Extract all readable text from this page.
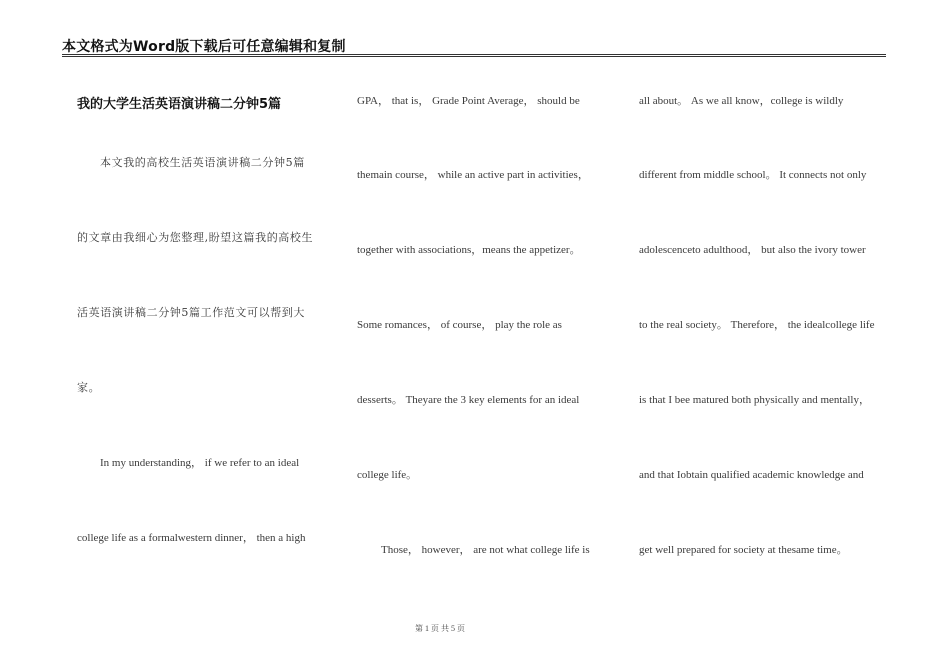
本文格式为Word版下载后可任意编辑和复制
我的大学生活英语演讲稿二分钟5篇
本文我的高校生活英语演讲稿二分钟5篇
的文章由我细心为您整理,盼望这篇我的高校生
活英语演讲稿二分钟5篇工作范文可以帮到大
家。
In my understanding， if we refer to an ideal
college life as a formalwestern dinner， then a high
GPA， that is， Grade Point Average， should be
themain course， while an active part in activities，
together with associations，means the appetizer。
Some romances， of course， play the role as
desserts。 Theyare the 3 key elements for an ideal
college life。
Those， however， are not what college life is
all about。 As we all know，college is wildly
different from middle school。 It connects not only
adolescenceto adulthood， but also the ivory tower
to the real society。 Therefore， the idealcollege life
is that I bee matured both physically and mentally，
and that Iobtain qualified academic knowledge and
get well prepared for society at thesame time。
第 1 页 共 5 页
